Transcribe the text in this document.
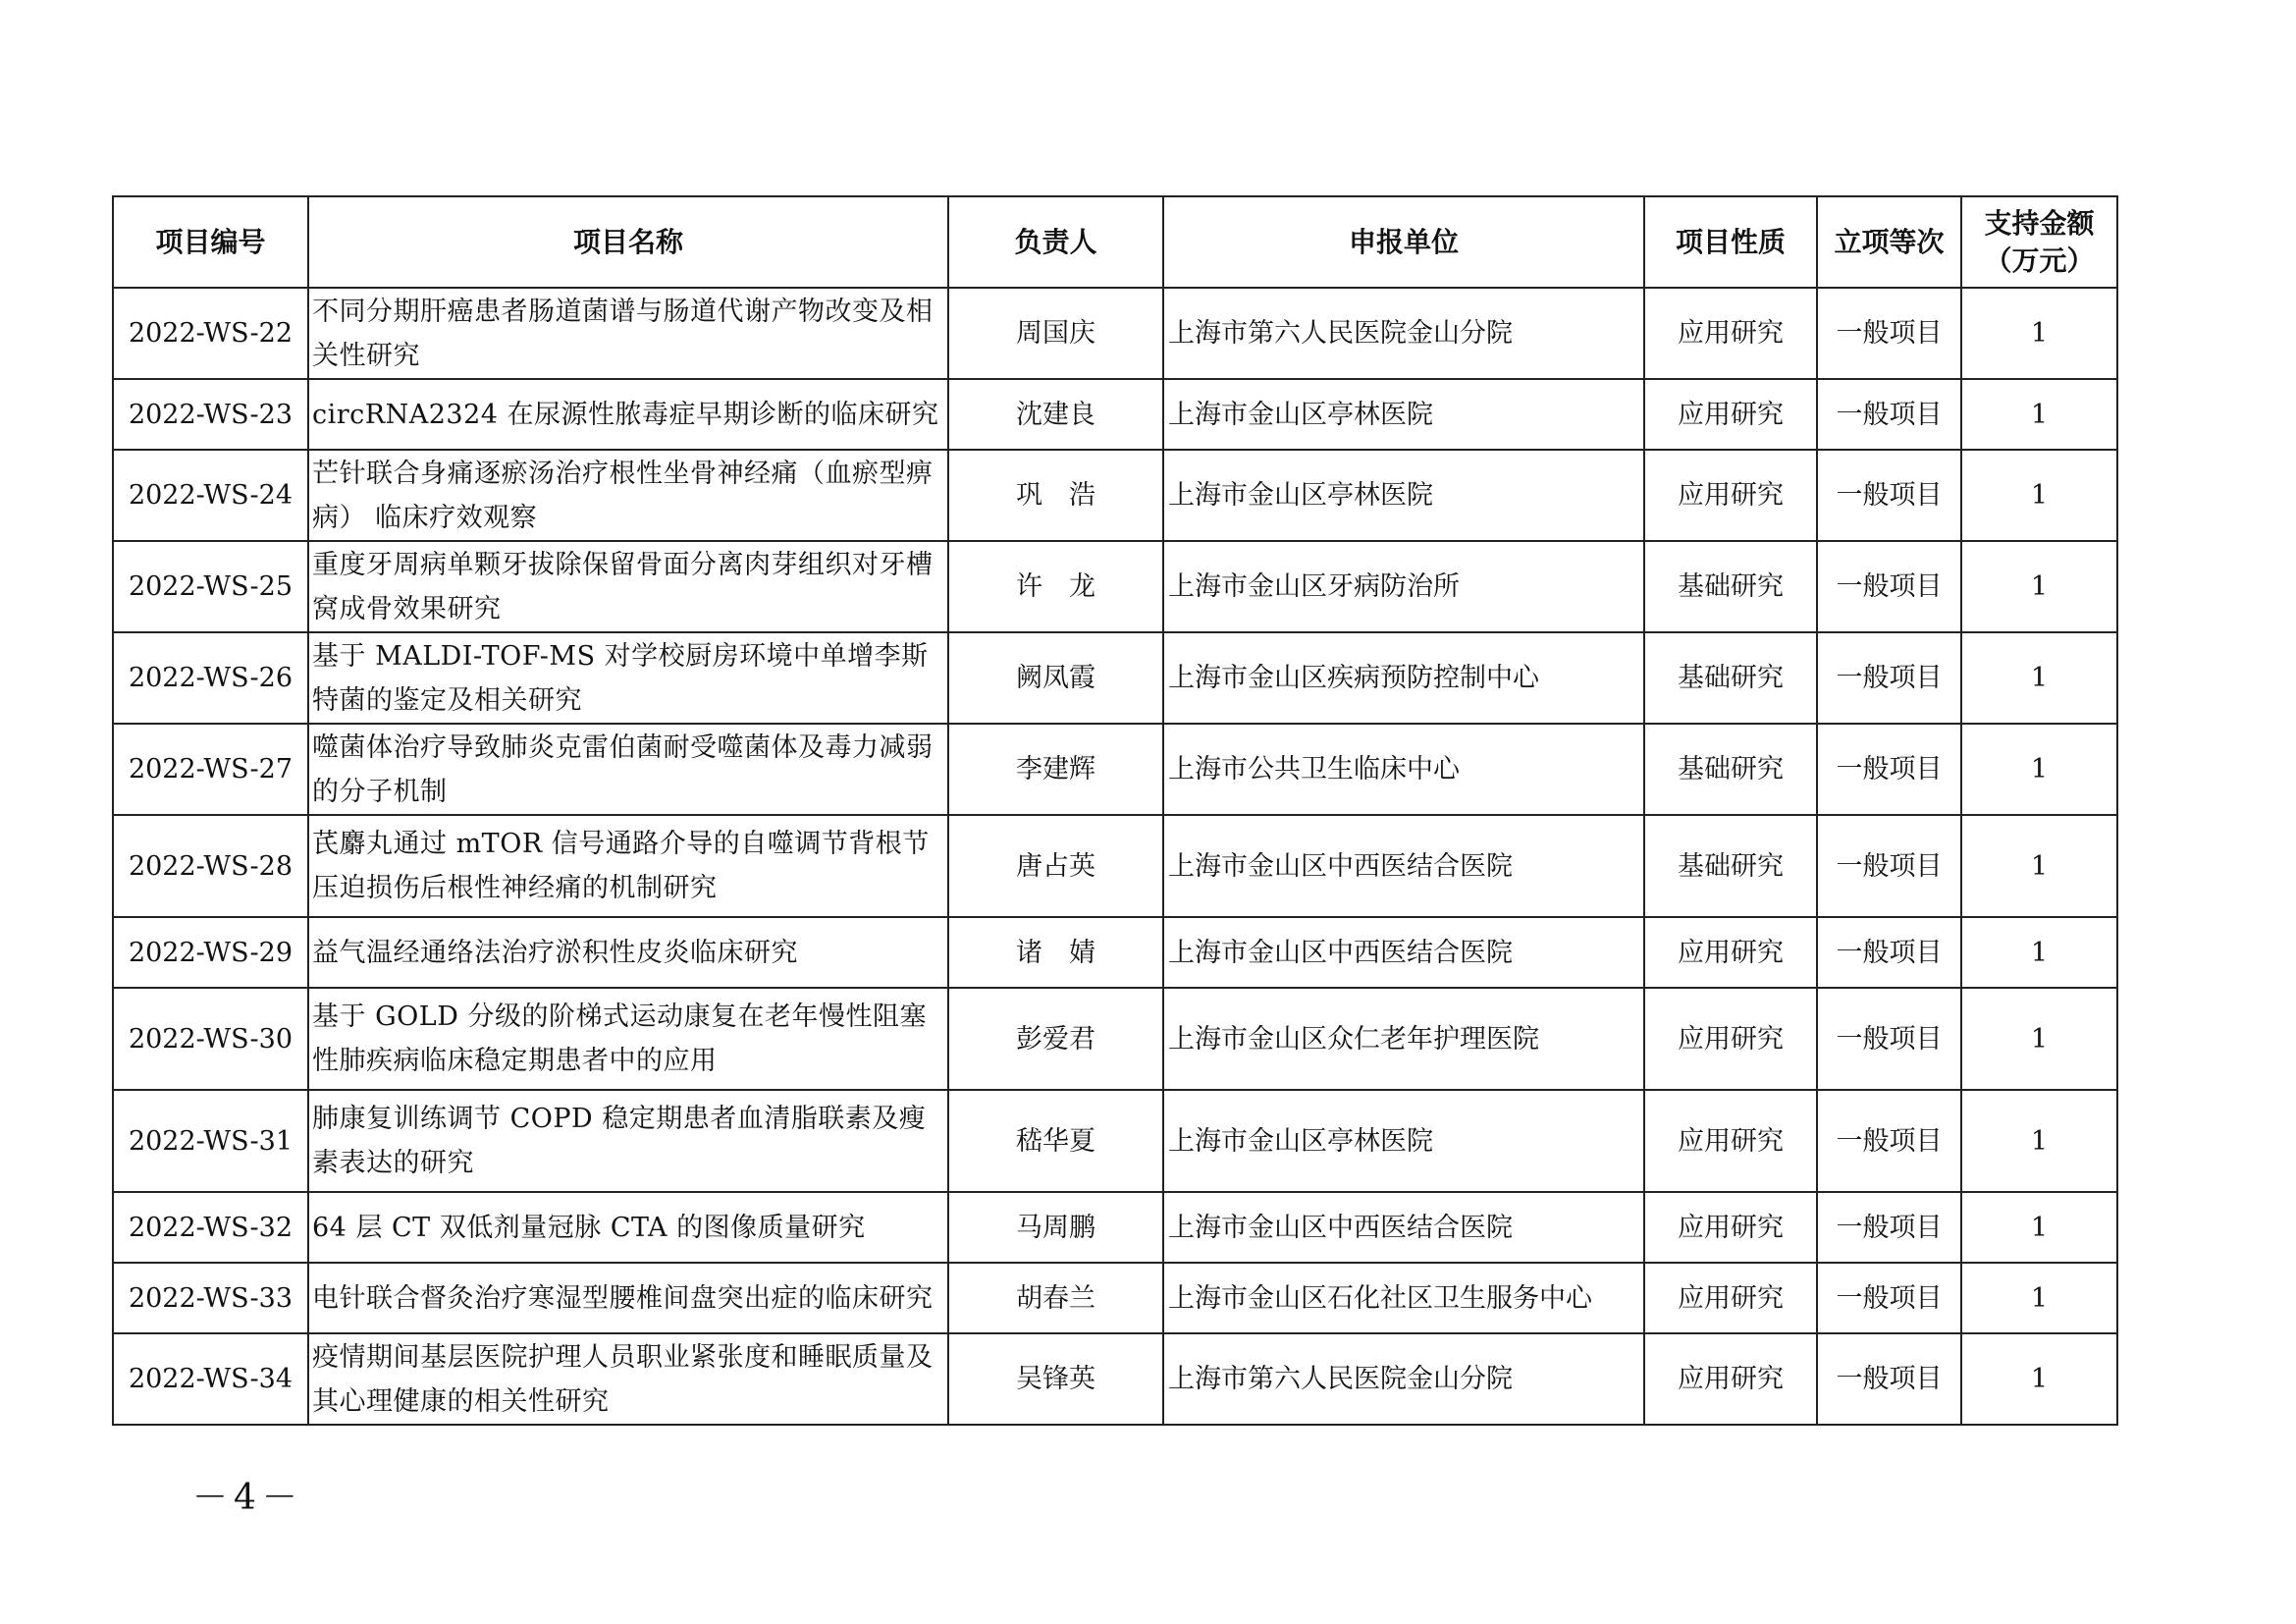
项目编号	项目名称	负责人	申报单位	项目性质	立项等次	支持金额
（万元）
2022-WS-22	不同分期肝癌患者肠道菌谱与肠道代谢产物改变及相关性研究	周国庆	上海市第六人民医院金山分院	应用研究	一般项目	1
2022-WS-23	circRNA2324 在尿源性脓毒症早期诊断的临床研究	沈建良	上海市金山区亭林医院	应用研究	一般项目	1
2022-WS-24	芒针联合身痛逐瘀汤治疗根性坐骨神经痛（血瘀型痹病） 临床疗效观察	巩　浩	上海市金山区亭林医院	应用研究	一般项目	1
2022-WS-25	重度牙周病单颗牙拔除保留骨面分离肉芽组织对牙槽窝成骨效果研究	许　龙	上海市金山区牙病防治所	基础研究	一般项目	1
2022-WS-26	基于 MALDI-TOF-MS 对学校厨房环境中单增李斯特菌的鉴定及相关研究	阙凤霞	上海市金山区疾病预防控制中心	基础研究	一般项目	1
2022-WS-27	噬菌体治疗导致肺炎克雷伯菌耐受噬菌体及毒力减弱的分子机制	李建辉	上海市公共卫生临床中心	基础研究	一般项目	1
2022-WS-28	芪麝丸通过 mTOR 信号通路介导的自噬调节背根节压迫损伤后根性神经痛的机制研究	唐占英	上海市金山区中西医结合医院	基础研究	一般项目	1
2022-WS-29	益气温经通络法治疗淤积性皮炎临床研究	诸　婧	上海市金山区中西医结合医院	应用研究	一般项目	1
2022-WS-30	基于 GOLD 分级的阶梯式运动康复在老年慢性阻塞性肺疾病临床稳定期患者中的应用	彭爱君	上海市金山区众仁老年护理医院	应用研究	一般项目	1
2022-WS-31	肺康复训练调节 COPD 稳定期患者血清脂联素及瘦素表达的研究	嵇华夏	上海市金山区亭林医院	应用研究	一般项目	1
2022-WS-32	64 层 CT 双低剂量冠脉 CTA 的图像质量研究	马周鹏	上海市金山区中西医结合医院	应用研究	一般项目	1
2022-WS-33	电针联合督灸治疗寒湿型腰椎间盘突出症的临床研究	胡春兰	上海市金山区石化社区卫生服务中心	应用研究	一般项目	1
2022-WS-34	疫情期间基层医院护理人员职业紧张度和睡眠质量及其心理健康的相关性研究	吴锋英	上海市第六人民医院金山分院	应用研究	一般项目	1
－4－
